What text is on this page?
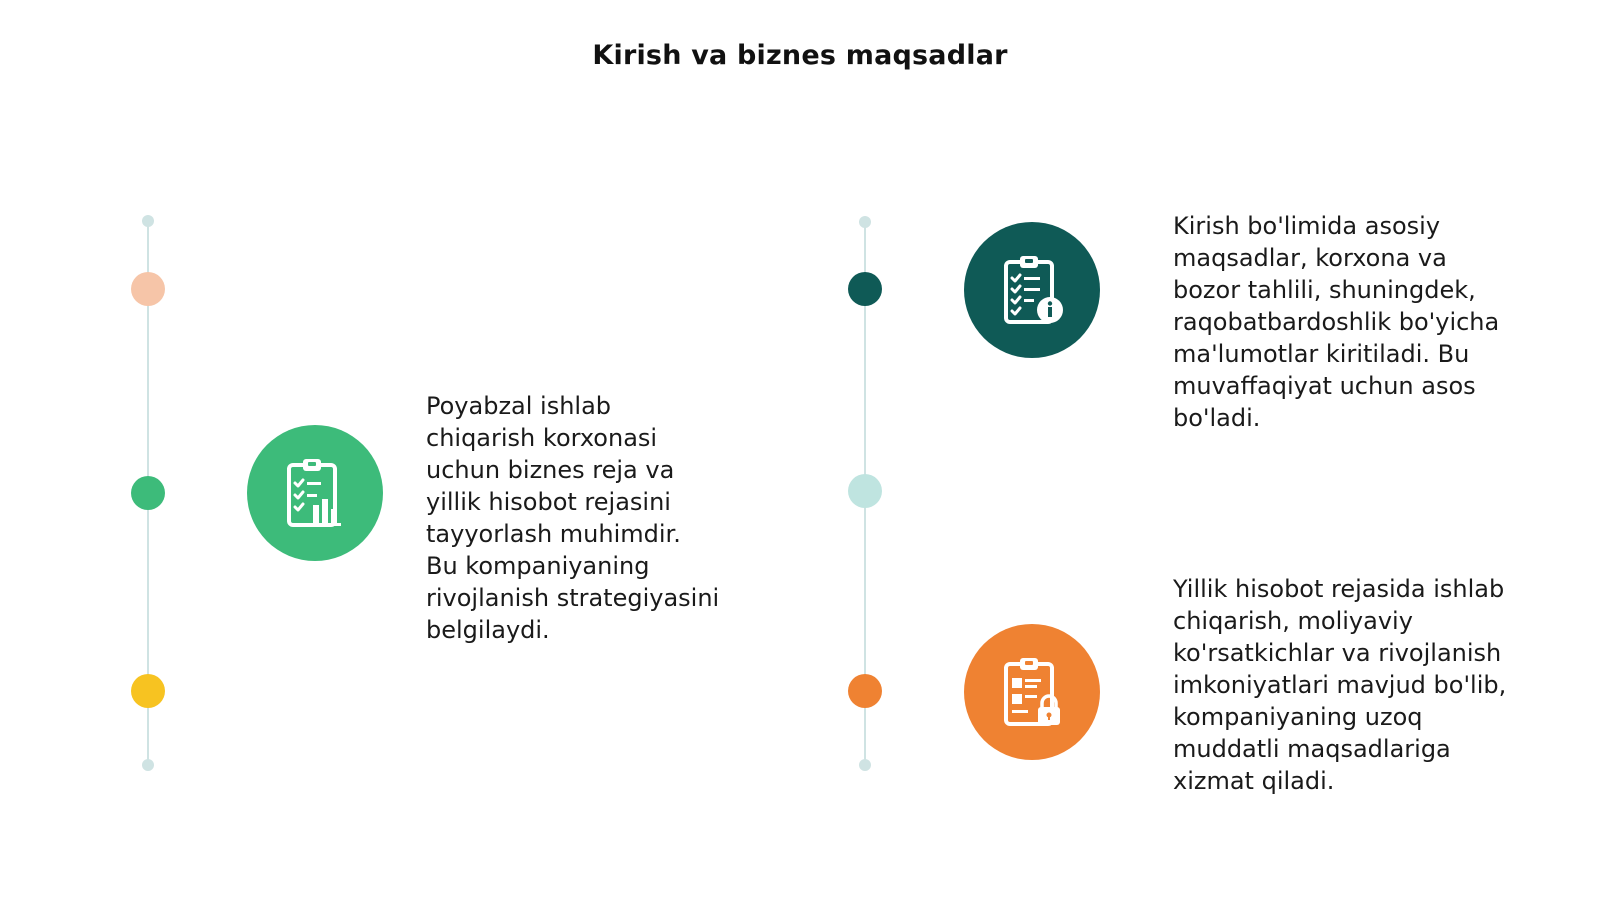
Kirish va biznes maqsadlar
Poyabzal ishlab
chiqarish korxonasi
uchun biznes reja va
yillik hisobot rejasini
tayyorlash muhimdir.
Bu kompaniyaning
rivojlanish strategiyasini
belgilaydi.
Kirish bo'limida asosiy
maqsadlar, korxona va
bozor tahlili, shuningdek,
raqobatbardoshlik bo'yicha
ma'lumotlar kiritiladi. Bu
muvaffaqiyat uchun asos
bo'ladi.
Yillik hisobot rejasida ishlab
chiqarish, moliyaviy
ko'rsatkichlar va rivojlanish
imkoniyatlari mavjud bo'lib,
kompaniyaning uzoq
muddatli maqsadlariga
xizmat qiladi.
